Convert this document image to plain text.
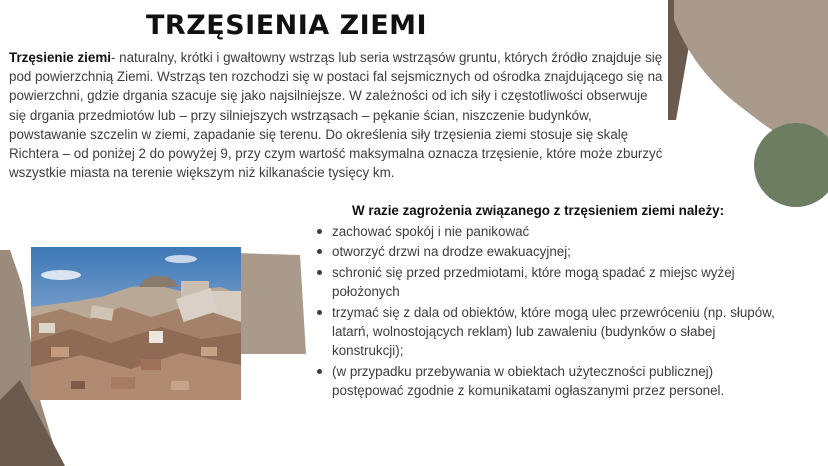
TRZĘSIENIA ZIEMI

Trzęsienie ziemi- naturalny, krótki i gwałtowny wstrząs lub seria wstrząsów gruntu, których źródło znajduje się pod powierzchnią Ziemi. Wstrząs ten rozchodzi się w postaci fal sejsmicznych od ośrodka znajdującego się na powierzchni, gdzie drgania szacuje się jako najsilniejsze. W zależności od ich siły i częstotliwości obserwuje się drgania przedmiotów lub – przy silniejszych wstrząsach – pękanie ścian, niszczenie budynków, powstawanie szczelin w ziemi, zapadanie się terenu. Do określenia siły trzęsienia ziemi stosuje się skalę Richtera – od poniżej 2 do powyżej 9, przy czym wartość maksymalna oznacza trzęsienie, które może zburzyć wszystkie miasta na terenie większym niż kilkanaście tysięcy km.

W razie zagrożenia związanego z trzęsieniem ziemi należy:

zachować spokój i nie panikować
otworzyć drzwi na drodze ewakuacyjnej;
schronić się przed przedmiotami, które mogą spadać z miejsc wyżej położonych
trzymać się z dala od obiektów, które mogą ulec przewróceniu (np. słupów, latarń, wolnostojących reklam) lub zawaleniu (budynków o słabej konstrukcji);
(w przypadku przebywania w obiektach użyteczności publicznej) postępować zgodnie z komunikatami ogłaszanymi przez personel.
